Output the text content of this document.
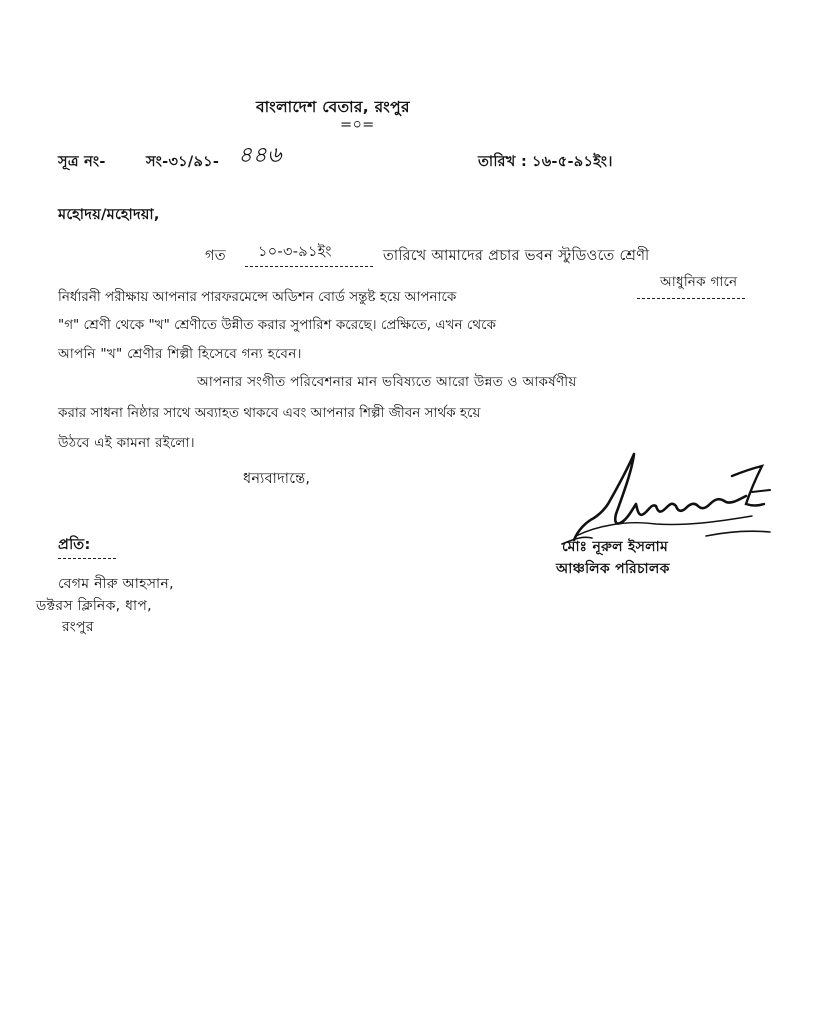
বাংলাদেশ বেতার, রংপুর
=০=
সূত্র নং-	সং-৩১/৯১- ৪৪৬	তারিখ : ১৬-৫-৯১ইং।
মহোদয়/মহোদয়া,
গত ১০-৩-৯১ইং	তারিখে আমাদের প্রচার ভবন স্টুডিওতে শ্রেণী
নির্ধারনী পরীক্ষায় আপনার পারফরমেন্সে অডিশন বোর্ড সন্তুষ্ট হয়ে আপনাকে
আধুনিক গানে
"গ" শ্রেণী থেকে "খ" শ্রেণীতে উন্নীত করার সুপারিশ করেছে। প্রেক্ষিতে, এখন থেকে
আপনি "খ" শ্রেণীর শিল্পী হিসেবে গন্য হবেন।
আপনার সংগীত পরিবেশনার মান ভবিষ্যতে আরো উন্নত ও আকর্ষণীয়
করার সাধনা নিষ্ঠার সাথে অব্যাহত থাকবে এবং আপনার শিল্পী জীবন সার্থক হয়ে
উঠবে এই কামনা রইলো।
ধন্যবাদান্তে,
মোঃ নূরুল ইসলাম
আঞ্চলিক পরিচালক
প্রতি:
বেগম নীরু আহসান,
ডক্টরস ক্লিনিক, ধাপ,
রংপুর
